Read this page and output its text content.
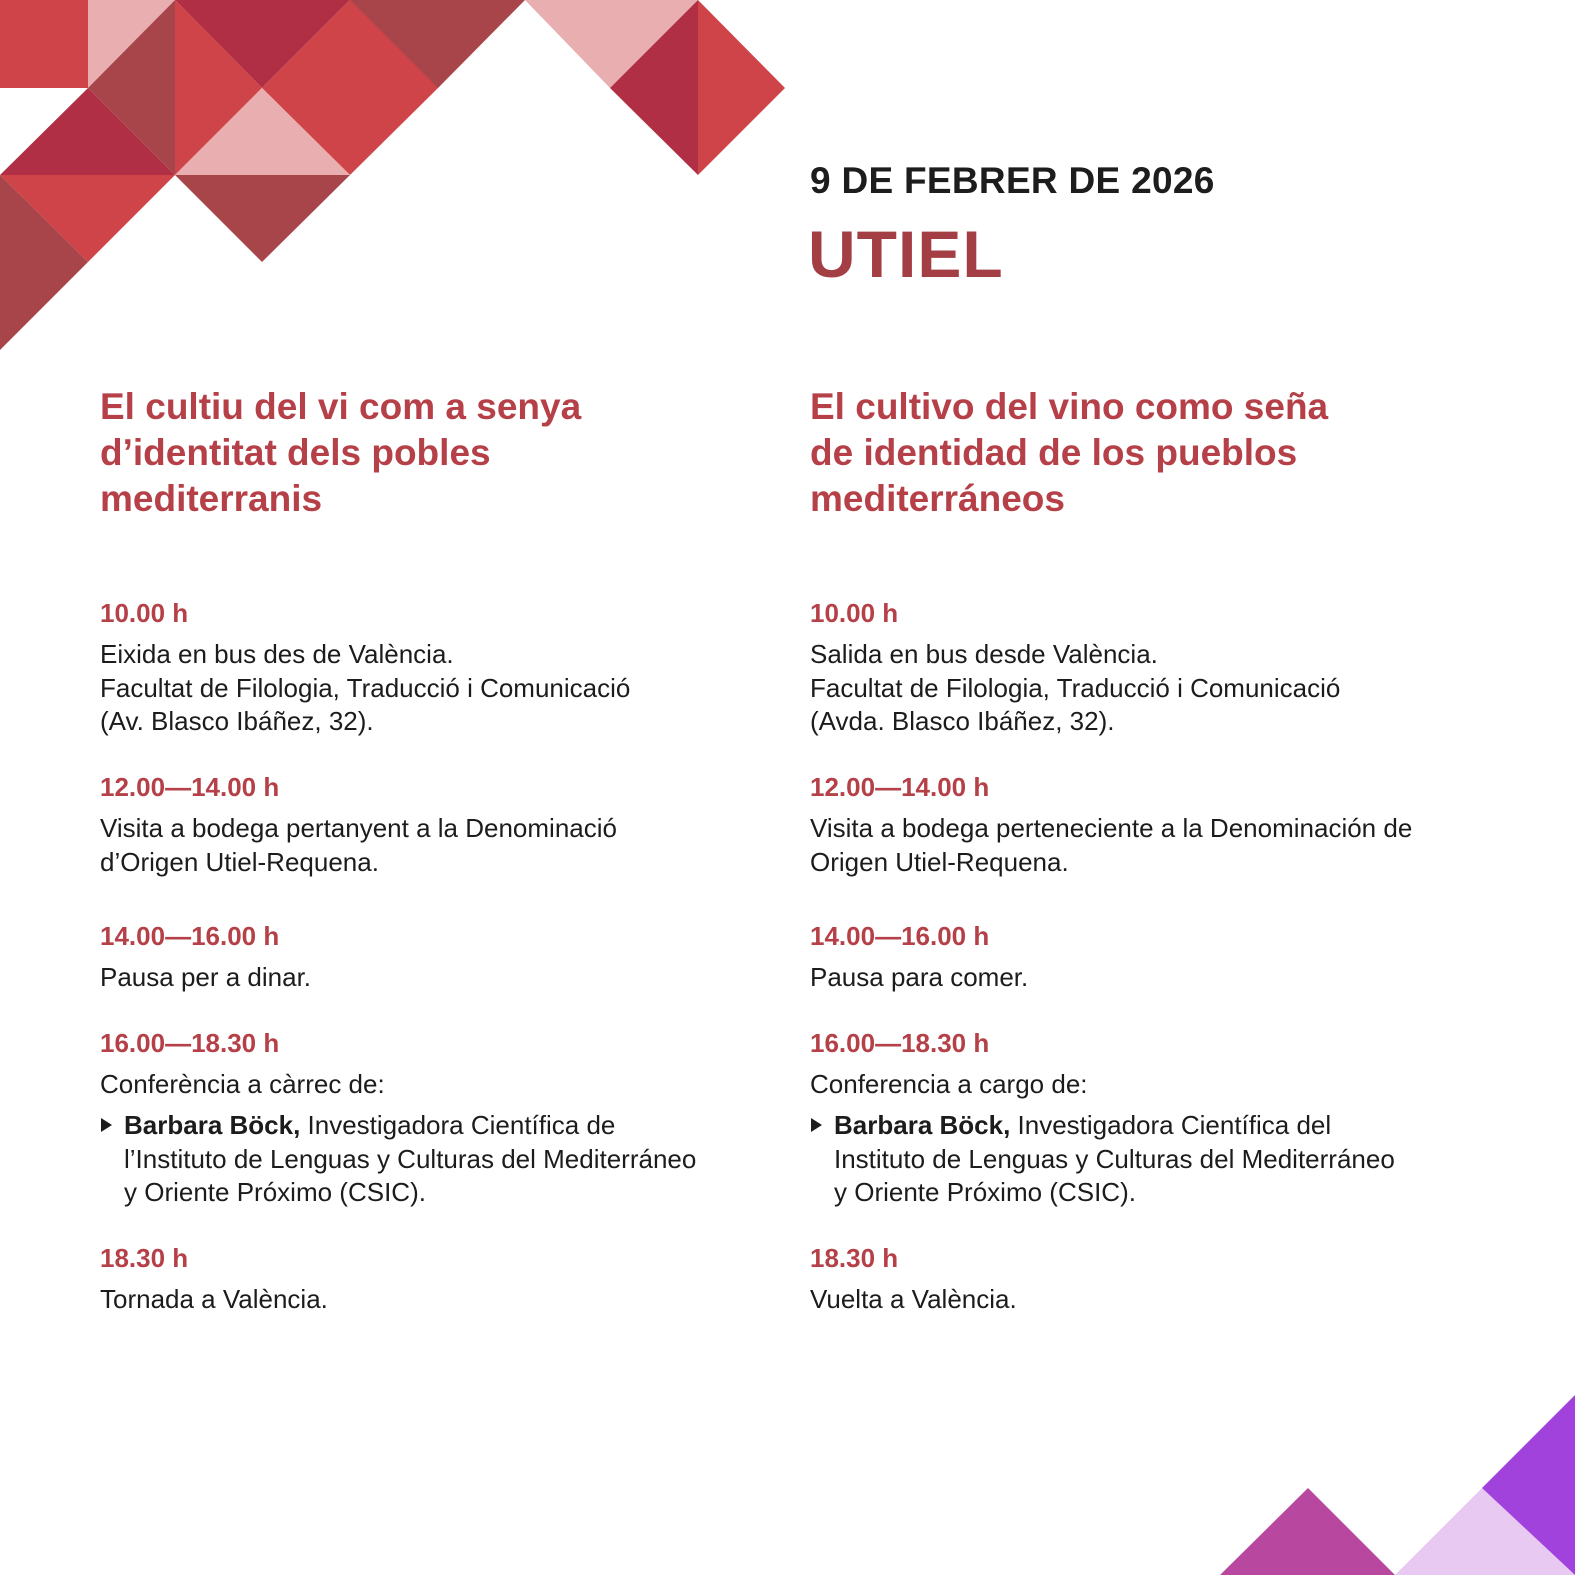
9 DE FEBRER DE 2026
UTIEL
El cultiu del vi com a senya
d’identitat dels pobles
mediterranis
10.00 h
Eixida en bus des de València.
Facultat de Filologia, Traducció i Comunicació
(Av. Blasco Ibáñez, 32).
12.00—14.00 h
Visita a bodega pertanyent a la Denominació
d’Origen Utiel-Requena.
14.00—16.00 h
Pausa per a dinar.
16.00—18.30 h
Conferència a càrrec de:
Barbara Böck, Investigadora Científica de
l’Instituto de Lenguas y Culturas del Mediterráneo
y Oriente Próximo (CSIC).
18.30 h
Tornada a València.
El cultivo del vino como seña
de identidad de los pueblos
mediterráneos
10.00 h
Salida en bus desde València.
Facultat de Filologia, Traducció i Comunicació
(Avda. Blasco Ibáñez, 32).
12.00—14.00 h
Visita a bodega perteneciente a la Denominación de
Origen Utiel-Requena.
14.00—16.00 h
Pausa para comer.
16.00—18.30 h
Conferencia a cargo de:
Barbara Böck, Investigadora Científica del
Instituto de Lenguas y Culturas del Mediterráneo
y Oriente Próximo (CSIC).
18.30 h
Vuelta a València.
